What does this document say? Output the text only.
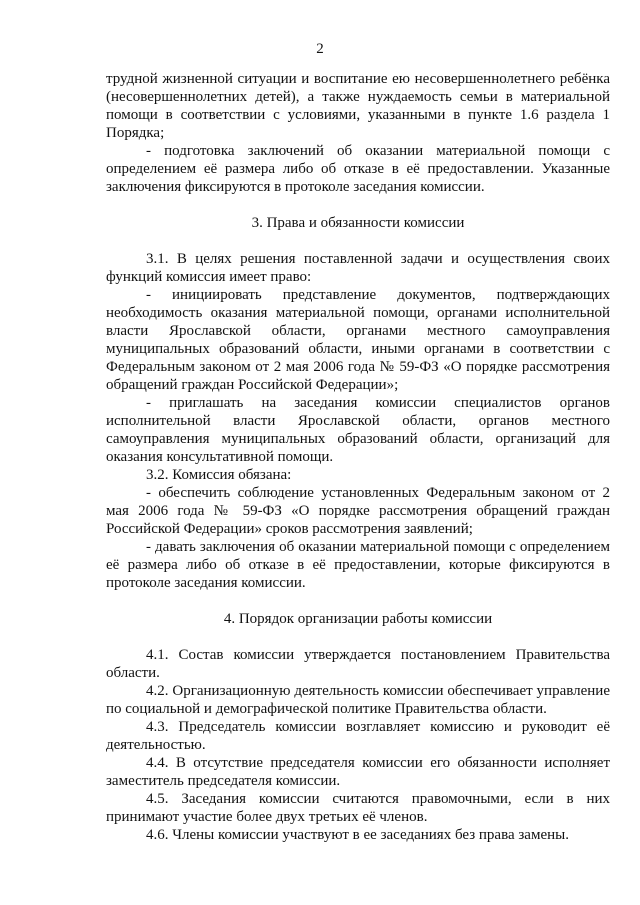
2

трудной жизненной ситуации и воспитание ею несовершеннолетнего ребёнка (несовершеннолетних детей), а также нуждаемость семьи в материальной помощи в соответствии с условиями, указанными в пункте 1.6 раздела 1 Порядка;

- подготовка заключений об оказании материальной помощи с определением её размера либо об отказе в её предоставлении. Указанные заключения фиксируются в протоколе заседания комиссии.

3. Права и обязанности комиссии

3.1. В целях решения поставленной задачи и осуществления своих функций комиссия имеет право:

- инициировать представление документов, подтверждающих необходимость оказания материальной помощи, органами исполнительной власти Ярославской области, органами местного самоуправления муниципальных образований области, иными органами в соответствии с Федеральным законом от 2 мая 2006 года № 59-ФЗ «О порядке рассмотрения обращений граждан Российской Федерации»;

- приглашать на заседания комиссии специалистов органов исполнительной власти Ярославской области, органов местного самоуправления муниципальных образований области, организаций для оказания консультативной помощи.

3.2. Комиссия обязана:

- обеспечить соблюдение установленных Федеральным законом от 2 мая 2006 года № 59-ФЗ «О порядке рассмотрения обращений граждан Российской Федерации» сроков рассмотрения заявлений;

- давать заключения об оказании материальной помощи с определением её размера либо об отказе в её предоставлении, которые фиксируются в протоколе заседания комиссии.

4. Порядок организации работы комиссии

4.1. Состав комиссии утверждается постановлением Правительства области.

4.2. Организационную деятельность комиссии обеспечивает управление по социальной и демографической политике Правительства области.

4.3. Председатель комиссии возглавляет комиссию и руководит её деятельностью.

4.4. В отсутствие председателя комиссии его обязанности исполняет заместитель председателя комиссии.

4.5. Заседания комиссии считаются правомочными, если в них принимают участие более двух третьих её членов.

4.6. Члены комиссии участвуют в ее заседаниях без права замены.
